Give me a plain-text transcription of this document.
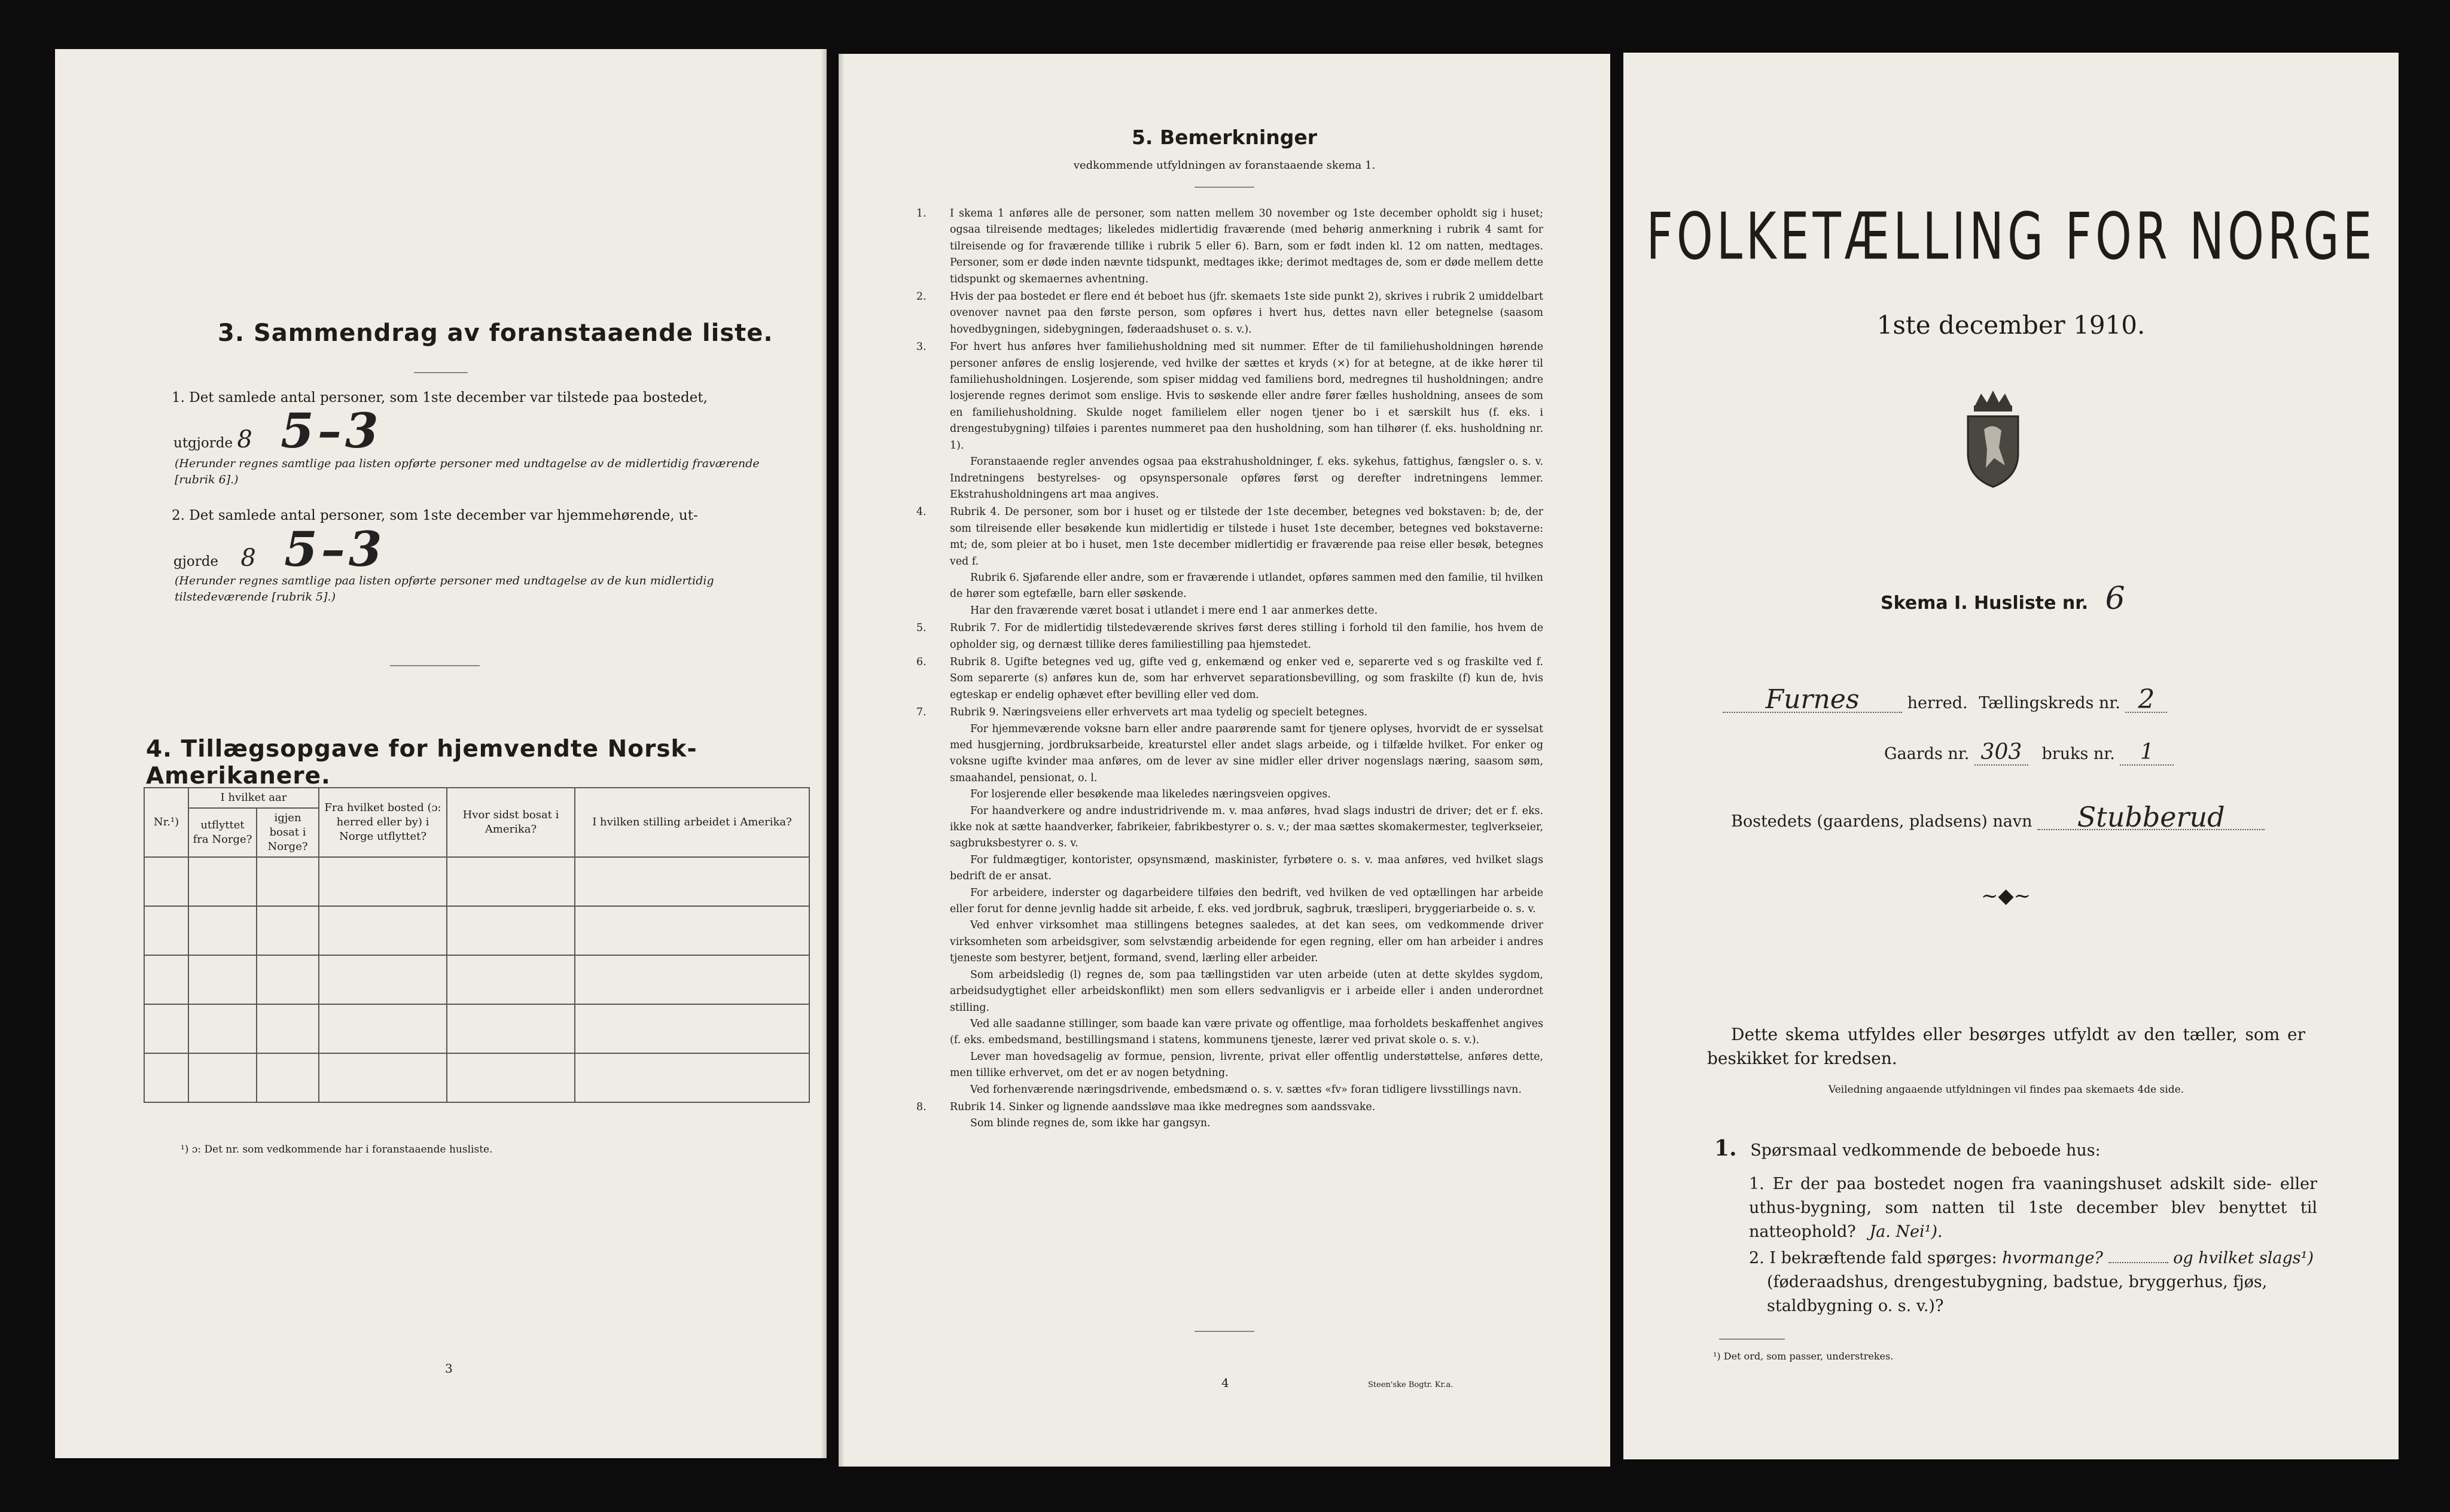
3. Sammendrag av foranstaaende liste.
1. Det samlede antal personer, som 1ste december var tilstede paa bostedet,
utgjorde 8 5–3
(Herunder regnes samtlige paa listen opførte personer med undtagelse av de midlertidig fraværende [rubrik 6].)
2. Det samlede antal personer, som 1ste december var hjemmehørende, ut-
gjorde 8 5–3
(Herunder regnes samtlige paa listen opførte personer med undtagelse av de kun midlertidig tilstedeværende [rubrik 5].)
4. Tillægsopgave for hjemvendte Norsk-Amerikanere.
Nr.¹)	I hvilket aar		Fra hvilket bosted (ɔ: herred eller by) i Norge utflyttet?	Hvor sidst bosat i Amerika?	I hvilken stilling arbeidet i Amerika?
	utflyttet fra Norge?	igjen bosat i Norge?			

¹) ɔ: Det nr. som vedkommende har i foranstaaende husliste.
3
5. Bemerkninger
vedkommende utfyldningen av foranstaaende skema 1.

1. I skema 1 anføres alle de personer, som natten mellem 30 november og 1ste december opholdt sig i huset; ogsaa tilreisende medtages; likeledes midlertidig fraværende (med behørig anmerkning i rubrik 4 samt for tilreisende og for fraværende tillike i rubrik 5 eller 6). Barn, som er født inden kl. 12 om natten, medtages. Personer, som er døde inden nævnte tidspunkt, medtages ikke; derimot medtages de, som er døde mellem dette tidspunkt og skemaernes avhentning.

2. Hvis der paa bostedet er flere end ét beboet hus (jfr. skemaets 1ste side punkt 2), skrives i rubrik 2 umiddelbart ovenover navnet paa den første person, som opføres i hvert hus, dettes navn eller betegnelse (saasom hovedbygningen, sidebygningen, føderaadshuset o. s. v.).

3. For hvert hus anføres hver familiehusholdning med sit nummer. Efter de til familiehusholdningen hørende personer anføres de enslig losjerende, ved hvilke der sættes et kryds (×) for at betegne, at de ikke hører til familiehusholdningen. Losjerende, som spiser middag ved familiens bord, medregnes til husholdningen; andre losjerende regnes derimot som enslige. Hvis to søskende eller andre fører fælles husholdning, ansees de som en familiehusholdning. Skulde noget familielem eller nogen tjener bo i et særskilt hus (f. eks. i drengestubygning) tilføies i parentes nummeret paa den husholdning, som han tilhører (f. eks. husholdning nr. 1).

Foranstaaende regler anvendes ogsaa paa ekstrahusholdninger, f. eks. sykehus, fattighus, fængsler o. s. v. Indretningens bestyrelses- og opsynspersonale opføres først og derefter indretningens lemmer. Ekstrahusholdningens art maa angives.

4. Rubrik 4. De personer, som bor i huset og er tilstede der 1ste december, betegnes ved bokstaven: b; de, der som tilreisende eller besøkende kun midlertidig er tilstede i huset 1ste december, betegnes ved bokstaverne: mt; de, som pleier at bo i huset, men 1ste december midlertidig er fraværende paa reise eller besøk, betegnes ved f.

Rubrik 6. Sjøfarende eller andre, som er fraværende i utlandet, opføres sammen med den familie, til hvilken de hører som egtefælle, barn eller søskende.

Har den fraværende været bosat i utlandet i mere end 1 aar anmerkes dette.

5. Rubrik 7. For de midlertidig tilstedeværende skrives først deres stilling i forhold til den familie, hos hvem de opholder sig, og dernæst tillike deres familiestilling paa hjemstedet.

6. Rubrik 8. Ugifte betegnes ved ug, gifte ved g, enkemænd og enker ved e, separerte ved s og fraskilte ved f. Som separerte (s) anføres kun de, som har erhvervet separationsbevilling, og som fraskilte (f) kun de, hvis egteskap er endelig ophævet efter bevilling eller ved dom.

7. Rubrik 9. Næringsveiens eller erhvervets art maa tydelig og specielt betegnes.

For hjemmeværende voksne barn eller andre paarørende samt for tjenere oplyses, hvorvidt de er sysselsat med husgjerning, jordbruksarbeide, kreaturstel eller andet slags arbeide, og i tilfælde hvilket. For enker og voksne ugifte kvinder maa anføres, om de lever av sine midler eller driver nogenslags næring, saasom søm, smaahandel, pensionat, o. l.

For losjerende eller besøkende maa likeledes næringsveien opgives.

For haandverkere og andre industridrivende m. v. maa anføres, hvad slags industri de driver; det er f. eks. ikke nok at sætte haandverker, fabrikeier, fabrikbestyrer o. s. v.; der maa sættes skomakermester, teglverkseier, sagbruksbestyrer o. s. v.

For fuldmægtiger, kontorister, opsynsmænd, maskinister, fyrbøtere o. s. v. maa anføres, ved hvilket slags bedrift de er ansat.

For arbeidere, inderster og dagarbeidere tilføies den bedrift, ved hvilken de ved optællingen har arbeide eller forut for denne jevnlig hadde sit arbeide, f. eks. ved jordbruk, sagbruk, træsliperi, bryggeriarbeide o. s. v.

Ved enhver virksomhet maa stillingens betegnes saaledes, at det kan sees, om vedkommende driver virksomheten som arbeidsgiver, som selvstændig arbeidende for egen regning, eller om han arbeider i andres tjeneste som bestyrer, betjent, formand, svend, lærling eller arbeider.

Som arbeidsledig (l) regnes de, som paa tællingstiden var uten arbeide (uten at dette skyldes sygdom, arbeidsudygtighet eller arbeidskonflikt) men som ellers sedvanligvis er i arbeide eller i anden underordnet stilling.

Ved alle saadanne stillinger, som baade kan være private og offentlige, maa forholdets beskaffenhet angives (f. eks. embedsmand, bestillingsmand i statens, kommunens tjeneste, lærer ved privat skole o. s. v.).

Lever man hovedsagelig av formue, pension, livrente, privat eller offentlig understøttelse, anføres dette, men tillike erhvervet, om det er av nogen betydning.

Ved forhenværende næringsdrivende, embedsmænd o. s. v. sættes «fv» foran tidligere livsstillings navn.

8. Rubrik 14. Sinker og lignende aandssløve maa ikke medregnes som aandssvake.

Som blinde regnes de, som ikke har gangsyn.

4	Steen'ske Bogtr. Kr.a.
FOLKETÆLLING FOR NORGE
1ste december 1910.
Skema I. Husliste nr. 6
Furnes	herred. Tællingskreds nr. 2
Gaards nr. 303 bruks nr. 1
Bostedets (gaardens, pladsens) navn Stubberud
~◆~
Dette skema utfyldes eller besørges utfyldt av den tæller, som er beskikket for kredsen.
Veiledning angaaende utfyldningen vil findes paa skemaets 4de side.
1. Spørsmaal vedkommende de beboede hus:
1. Er der paa bostedet nogen fra vaaningshuset adskilt side- eller uthus-bygning, som natten til 1ste december blev benyttet til natteophold? Ja. Nei¹).
2. I bekræftende fald spørges: hvormange?	og hvilket slags¹)
(føderaadshus, drengestubygning, badstue, bryggerhus, fjøs, staldbygning o. s. v.)?
¹) Det ord, som passer, understrekes.
